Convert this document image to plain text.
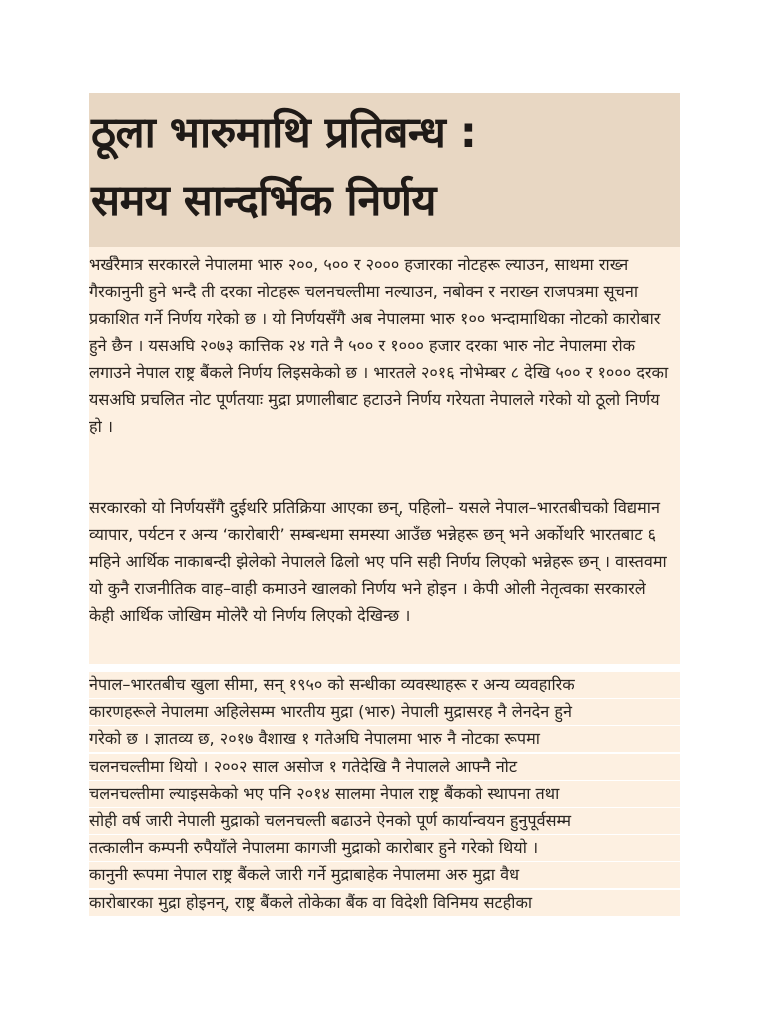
ठूला भारुमाथि प्रतिबन्ध :
समय सान्दर्भिक निर्णय

भर्खरैमात्र सरकारले नेपालमा भारु २००, ५०० र २००० हजारका नोटहरू ल्याउन, साथमा राख्न गैरकानुनी हुने भन्दै ती दरका नोटहरू चलनचल्तीमा नल्याउन, नबोक्न र नराख्न राजपत्रमा सूचना प्रकाशित गर्ने निर्णय गरेको छ । यो निर्णयसँगै अब नेपालमा भारु १०० भन्दामाथिका नोटको कारोबार हुने छैन । यसअघि २०७३ कात्तिक २४ गते नै ५०० र १००० हजार दरका भारु नोट नेपालमा रोक लगाउने नेपाल राष्ट्र बैंकले निर्णय लिइसकेको छ । भारतले २०१६ नोभेम्बर ८ देखि ५०० र १००० दरका यसअघि प्रचलित नोट पूर्णतयाः मुद्रा प्रणालीबाट हटाउने निर्णय गरेयता नेपालले गरेको यो ठूलो निर्णय हो ।

सरकारको यो निर्णयसँगै दुईथरि प्रतिक्रिया आएका छन्, पहिलो– यसले नेपाल–भारतबीचको विद्यमान व्यापार, पर्यटन र अन्य ‘कारोबारी’ सम्बन्धमा समस्या आउँछ भन्नेहरू छन् भने अर्कोथरि भारतबाट ६ महिने आर्थिक नाकाबन्दी झेलेको नेपालले ढिलो भए पनि सही निर्णय लिएको भन्नेहरू छन् । वास्तवमा यो कुनै राजनीतिक वाह–वाही कमाउने खालको निर्णय भने होइन । केपी ओली नेतृत्वका सरकारले केही आर्थिक जोखिम मोलेरै यो निर्णय लिएको देखिन्छ ।

नेपाल–भारतबीच खुला सीमा, सन् १९५० को सन्धीका व्यवस्थाहरू र अन्य व्यवहारिक
कारणहरूले नेपालमा अहिलेसम्म भारतीय मुद्रा (भारु) नेपाली मुद्रासरह नै लेनदेन हुने
गरेको छ । ज्ञातव्य छ, २०१७ वैशाख १ गतेअघि नेपालमा भारु नै नोटका रूपमा
चलनचल्तीमा थियो । २००२ साल असोज १ गतेदेखि नै नेपालले आफ्नै नोट
चलनचल्तीमा ल्याइसकेको भए पनि २०१४ सालमा नेपाल राष्ट्र बैंकको स्थापना तथा
सोही वर्ष जारी नेपाली मुद्राको चलनचल्ती बढाउने ऐनको पूर्ण कार्यान्वयन हुनुपूर्वसम्म
तत्कालीन कम्पनी रुपैयाँले नेपालमा कागजी मुद्राको कारोबार हुने गरेको थियो ।
कानुनी रूपमा नेपाल राष्ट्र बैंकले जारी गर्ने मुद्राबाहेक नेपालमा अरु मुद्रा वैध
कारोबारका मुद्रा होइनन्, राष्ट्र बैंकले तोकेका बैंक वा विदेशी विनिमय सटहीका
